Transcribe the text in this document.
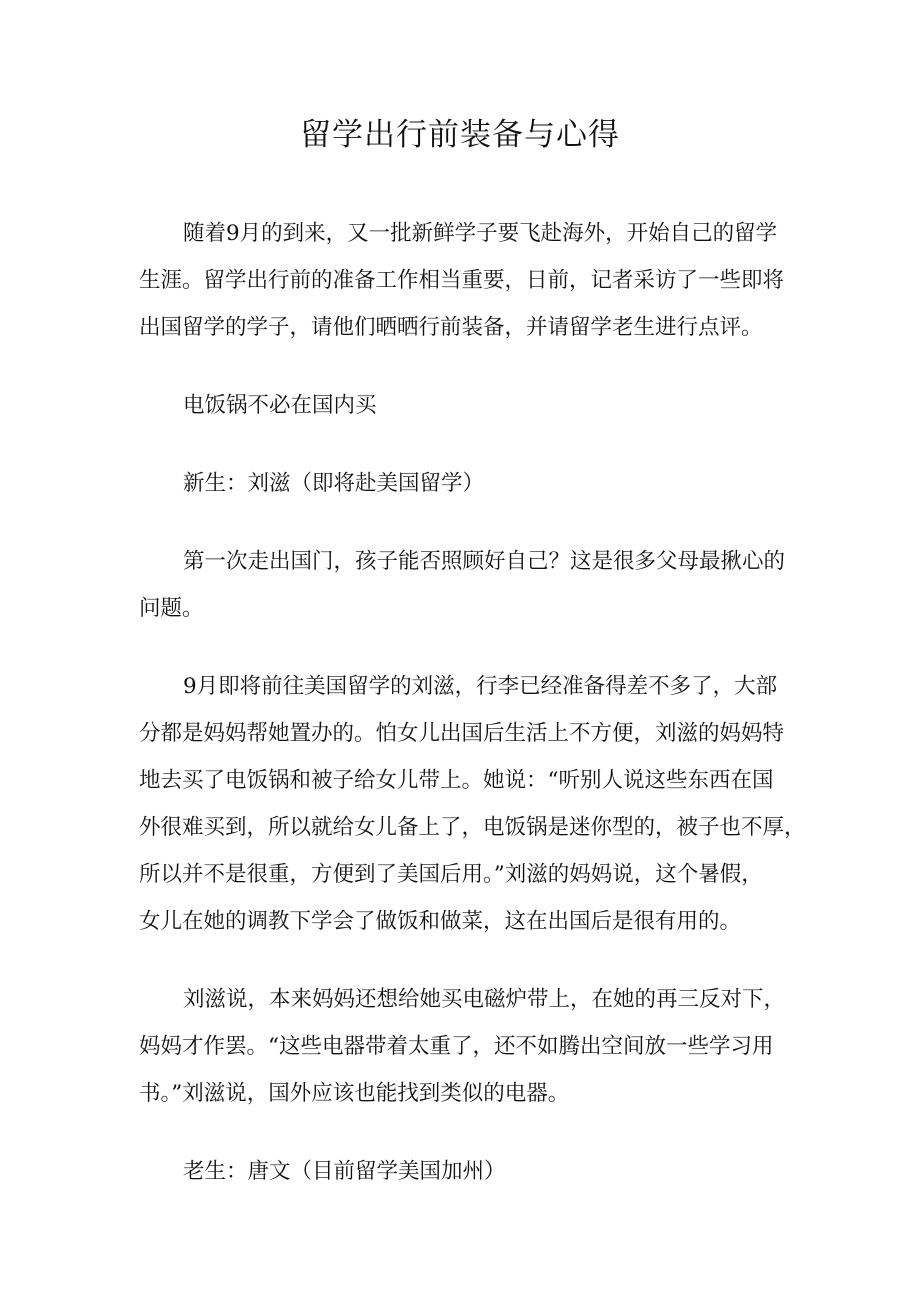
留学出行前装备与心得
随着9月的到来，又一批新鲜学子要飞赴海外，开始自己的留学
生涯。留学出行前的准备工作相当重要，日前，记者采访了一些即将
出国留学的学子，请他们晒晒行前装备，并请留学老生进行点评。
电饭锅不必在国内买
新生：刘滋（即将赴美国留学）
第一次走出国门，孩子能否照顾好自己？这是很多父母最揪心的
问题。
9月即将前往美国留学的刘滋，行李已经准备得差不多了，大部
分都是妈妈帮她置办的。怕女儿出国后生活上不方便，刘滋的妈妈特
地去买了电饭锅和被子给女儿带上。她说：“听别人说这些东西在国
外很难买到，所以就给女儿备上了，电饭锅是迷你型的，被子也不厚，
所以并不是很重，方便到了美国后用。”刘滋的妈妈说，这个暑假，
女儿在她的调教下学会了做饭和做菜，这在出国后是很有用的。
刘滋说，本来妈妈还想给她买电磁炉带上，在她的再三反对下，
妈妈才作罢。“这些电器带着太重了，还不如腾出空间放一些学习用
书。”刘滋说，国外应该也能找到类似的电器。
老生：唐文（目前留学美国加州）
